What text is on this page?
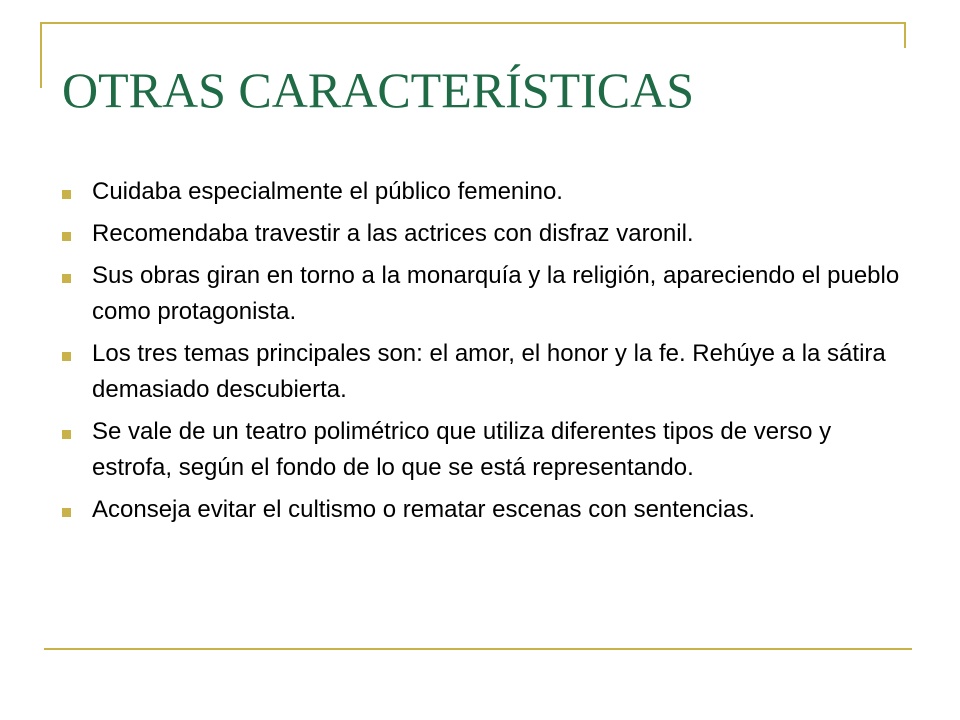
OTRAS CARACTERÍSTICAS
Cuidaba especialmente el público femenino.
Recomendaba travestir a las actrices con disfraz varonil.
Sus obras giran en torno a la monarquía y la religión, apareciendo el pueblo como protagonista.
Los tres temas principales son: el amor, el honor y la fe. Rehúye a la sátira demasiado descubierta.
Se vale de un teatro polimétrico que utiliza diferentes tipos de verso y estrofa, según el fondo de lo que se está representando.
Aconseja evitar el cultismo o rematar escenas con sentencias.
